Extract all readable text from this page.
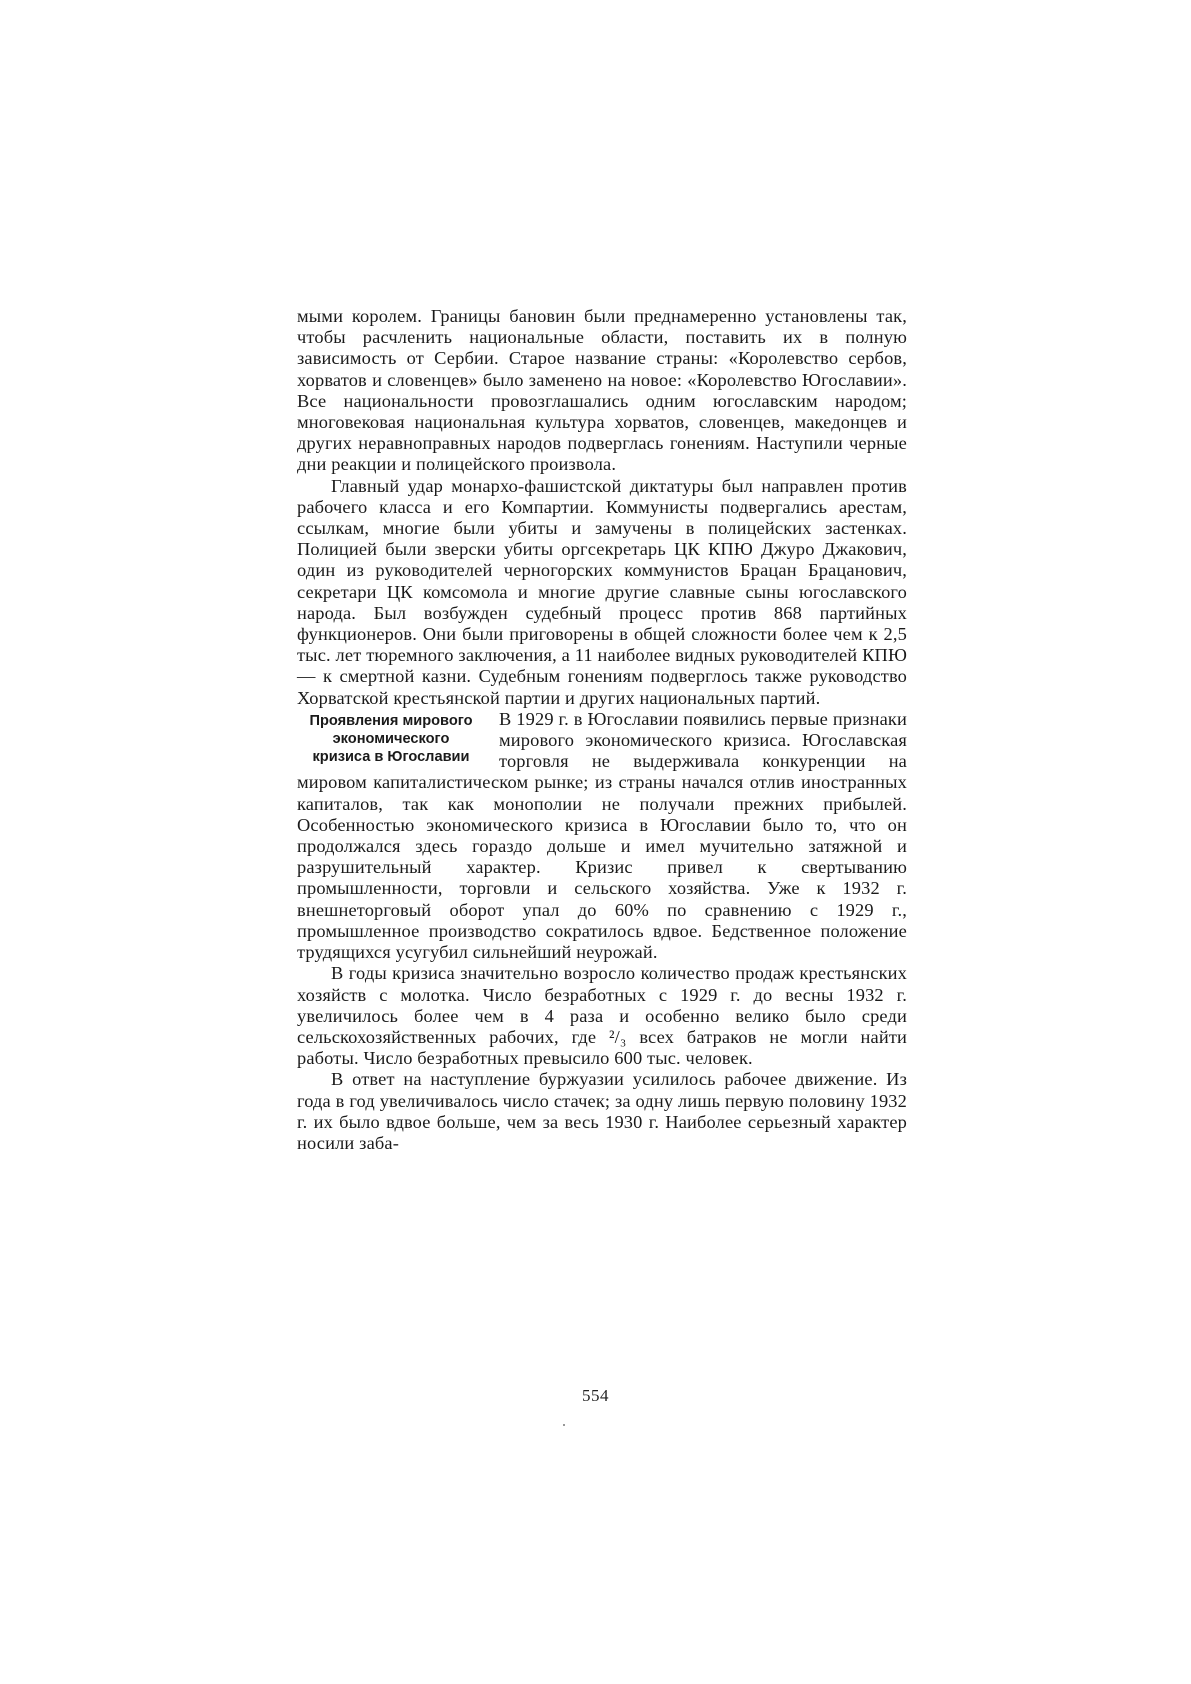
мыми королем. Границы бановин были преднамеренно установлены так, чтобы расчленить национальные области, поставить их в полную зависимость от Сербии. Старое название страны: «Королевство сербов, хорватов и словенцев» было заменено на новое: «Королевство Югославии». Все национальности провозглашались одним югославским народом; многовековая национальная культура хорватов, словенцев, македонцев и других неравноправных народов подверглась гонениям. Наступили черные дни реакции и полицейского произвола.

Главный удар монархо-фашистской диктатуры был направлен против рабочего класса и его Компартии. Коммунисты подвергались арестам, ссылкам, многие были убиты и замучены в полицейских застенках. Полицией были зверски убиты оргсекретарь ЦК КПЮ Джуро Джакович, один из руководителей черногорских коммунистов Брацан Брацанович, секретари ЦК комсомола и многие другие славные сыны югославского народа. Был возбужден судебный процесс против 868 партийных функционеров. Они были приговорены в общей сложности более чем к 2,5 тыс. лет тюремного заключения, а 11 наиболее видных руководителей КПЮ — к смертной казни. Судебным гонениям подверглось также руководство Хорватской крестьянской партии и других национальных партий.

Проявления мирового
экономического
кризиса в Югославии

В 1929 г. в Югославии появились первые признаки мирового экономического кризиса. Югославская торговля не выдерживала конкуренции на мировом капиталистическом рынке; из страны начался отлив иностранных капиталов, так как монополии не получали прежних прибылей. Особенностью экономического кризиса в Югославии было то, что он продолжался здесь гораздо дольше и имел мучительно затяжной и разрушительный характер. Кризис привел к свертыванию промышленности, торговли и сельского хозяйства. Уже к 1932 г. внешнеторговый оборот упал до 60% по сравнению с 1929 г., промышленное производство сократилось вдвое. Бедственное положение трудящихся усугубил сильнейший неурожай.

В годы кризиса значительно возросло количество продаж крестьянских хозяйств с молотка. Число безработных с 1929 г. до весны 1932 г. увеличилось более чем в 4 раза и особенно велико было среди сельскохозяйственных рабочих, где ²/₃ всех батраков не могли найти работы. Число безработных превысило 600 тыс. человек.

В ответ на наступление буржуазии усилилось рабочее движение. Из года в год увеличивалось число стачек; за одну лишь первую половину 1932 г. их было вдвое больше, чем за весь 1930 г. Наиболее серьезный характер носили заба-

554
